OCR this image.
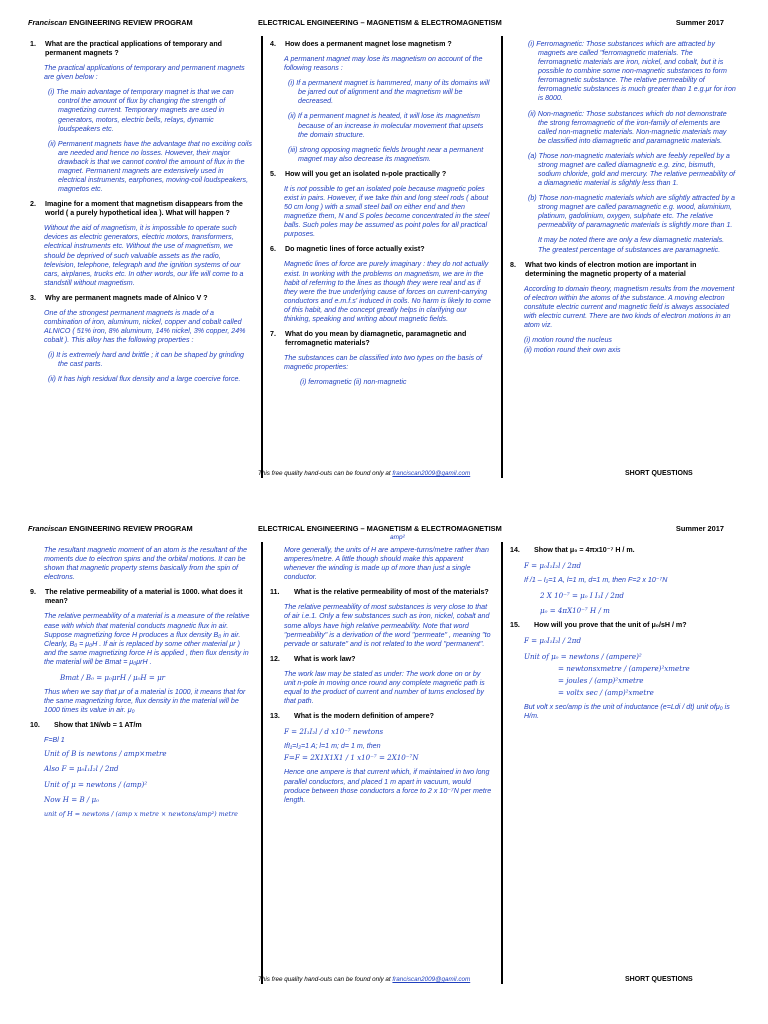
Franciscan ENGINEERING REVIEW PROGRAM	ELECTRICAL ENGINEERING – MAGNETISM & ELECTROMAGNETISM	Summer 2017
1.	What are the practical applications of temporary and permanent magnets ?
The practical applications of temporary and permanent magnets are given below :
(i) The main advantage of temporary magnet is that we can control the amount of flux by changing the strength of magnetizing current. Temporary magnets are used in generators, motors, electric bells, relays, dynamic loudspeakers etc.
(ii) Permanent magnets have the advantage that no exciting coils are needed and hence no losses. However, their major drawback is that we cannot control the amount of flux in the magnet. Permanent magnets are extensively used in electrical instruments, earphones, moving-coil loudspeakers, magnetos etc.
2.	Imagine for a moment that magnetism disappears from the world ( a purely hypothetical idea ). What will happen ?
Without the aid of magnetism, it is impossible to operate such devices as electric generators, electric motors, transformers, electrical instruments etc. Without the use of magnetism, we should be deprived of such valuable assets as the radio, television, telephone, telegraph and the ignition systems of our cars, airplanes, trucks etc. In other words, our life will come to a standstill without magnetism.
3.	Why are permanent magnets made of Alnico V ?
One of the strongest permanent magnets is made of a combination of iron, aluminum, nickel, copper and cobalt called ALNICO ( 51% iron, 8% aluminum, 14% nickel, 3% copper, 24% cobalt ). This alloy has the following properties :
(i) It is extremely hard and brittle ; it can be shaped by grinding the cast parts.
(ii) It has high residual flux density and a large coercive force.
4.	How does a permanent magnet lose magnetism ?
A permanent magnet may lose its magnetism on account of the following reasons :
(i) If a permanent magnet is hammered, many of its domains will be jarred out of alignment and the magnetism will be decreased.
(ii) If a permanent magnet is heated, it will lose its magnetism because of an increase in molecular movement that upsets the domain structure.
(iii) strong opposing magnetic fields brought near a permanent magnet may also decrease its magnetism.
5.	How will you get an isolated n-pole practically ?
It is not possible to get an isolated pole because magnetic poles exist in pairs. However, if we take thin and long steel rods ( about 50 cm long ) with a small steel ball on either end and then magnetize them, N and S poles become concentrated in the steel balls. Such poles may be assumed as point poles for all practical purposes.
6.	Do magnetic lines of force actually exist?
Magnetic lines of force are purely imaginary : they do not actually exist. In working with the problems on magnetism, we are in the habit of referring to the lines as though they were real and as if they were the true underlying cause of forces on current-carrying conductors and e.m.f.s' induced in coils. No harm is likely to come of this habit, and the concept greatly helps in clarifying our thinking, speaking and writing about magnetic fields.
7.	What do you mean by diamagnetic, paramagnetic and ferromagnetic materials?
The substances can be classified into two types on the basis of magnetic properties:
(i) ferromagnetic (ii) non-magnetic
(i) Ferromagnetic: Those substances which are attracted by magnets are called "ferromagnetic materials. The ferromagnetic materials are iron, nickel, and cobalt, but it is possible to combine some non-magnetic substances to form ferromagnetic substance. The relative permeability of ferromagnetic substances is much greater than 1 e.g.μr for iron is 8000.
(ii) Non-magnetic: Those substances which do not demonstrate the strong ferromagnetic of the iron-family of elements are called non-magnetic materials. Non-magnetic materials may be classified into diamagnetic and paramagnetic materials.
(a) Those non-magnetic materials which are feebly repelled by a strong magnet are called diamagnetic e.g. zinc, bismuth, sodium chloride, gold and mercury. The relative permeability of a diamagnetic material is slightly less than 1.
(b) Those non-magnetic materials which are slightly attracted by a strong magnet are called paramagnetic e.g. wood, aluminium, platinum, gadolinium, oxygen, sulphate etc. The relative permeability of paramagnetic materials is slightly more than 1.
It may be noted there are only a few diamagnetic materials. The greatest percentage of substances are paramagnetic.
8.	What two kinds of electron motion are important in determining the magnetic property of a material
According to domain theory, magnetism results from the movement of electron within the atoms of the substance. A moving electron constitute electric current and magnetic field is always associated with electric current. There are two kinds of electron motions in an atom viz.
(i) motion round the nucleus
(ii) motion round their own axis
This free quality hand-outs can be found only at franciscan2009@gamil.com	SHORT QUESTIONS
Franciscan ENGINEERING REVIEW PROGRAM	ELECTRICAL ENGINEERING – MAGNETISM & ELECTROMAGNETISM	Summer 2017
amp²
The resultant magnetic moment of an atom is the resultant of the moments due to electron spins and the orbital motions. It can be shown that magnetic property stems basically from the spin of electrons.
9.	The relative permeability of a material is 1000. what does it mean?
The relative permeability of a material is a measure of the relative ease with which that material conducts magnetic flux in air. Suppose magnetizing force H produces a flux density B₀ in air. Clearly, B₀ = μ₀H . If air is replaced by some other material μr ) and the same magnetizing force H is applied , then flux density in the material will be Bmat = μ₀μrH .
Bmat / B₀ = μ₀μrH / μ₀H = μr
Thus when we say that μr of a material is 1000, it means that for the same magnetizing force, flux density in the material will be 1000 times its value in air. μ₀
10.	Show that 1N/wb = 1 AT/m
F=Bl 1
Unit of B is newtons / amp×metre
Also F = μ₀I₁I₂l / 2πd
Unit of μ = newtons / (amp)²
Now H = B / μ₀
unit of H = newtons / (amp x metre × newtons/amp²) metre
More generally, the units of H are ampere-turns/metre rather than amperes/metre. A little though should make this apparent whenever the winding is made up of more than just a single conductor.
11.	What is the relative permeability of most of the materials?
The relative permeability of most substances is very close to that of air i.e.1. Only a few substances such as iron, nickel, cobalt and some alloys have high relative permeability. Note that word "permeability" is a derivation of the word "permeate" , meaning "to pervade or saturate" and is not related to the word "permanent".
12.	What is work law?
The work law may be stated as under: The work done on or by unit n-pole in moving once round any complete magnetic path is equal to the product of current and number of turns enclosed by that path.
13.	What is the modern definition of ampere?
F = 2I₁I₂l / d x10⁻⁷ newtons
IfI₁=I₂=1 A; l=1 m; d= 1 m, then
F=F = 2X1X1X1 / 1 x10⁻⁷ = 2X10⁻⁷N
Hence one ampere is that current which, if maintained in two long parallel conductors, and placed 1 m apart in vacuum, would produce between those conductors a force to 2 x 10⁻⁷N per metre length.
14.	Show that μ₀ = 4πx10⁻⁷ H / m.
F = μ₀I₁I₂l / 2πd
If /1 – I₂=1 A, l=1 m, d=1 m, then F=2 x 10⁻⁷N
2 X 10⁻⁷ = μ₀ I I₁I / 2πd
μ₀ = 4πX10⁻⁷ H / m
15.	How will you prove that the unit of μ₀/sH / m?
F = μ₀I₁I₂l / 2πd
Unit of μ₀ = newtons / (ampere)²
= newtonsxmetre / (ampere)²xmetre
= joules / (amp)²xmetre
= voltx sec / (amp)²xmetre
But volt x sec/amp is the unit of inductance (e=Ldi / dt) unit ofμ₀ is H/m.
This free quality hand-outs can be found only at franciscan2009@gamil.com	SHORT QUESTIONS
